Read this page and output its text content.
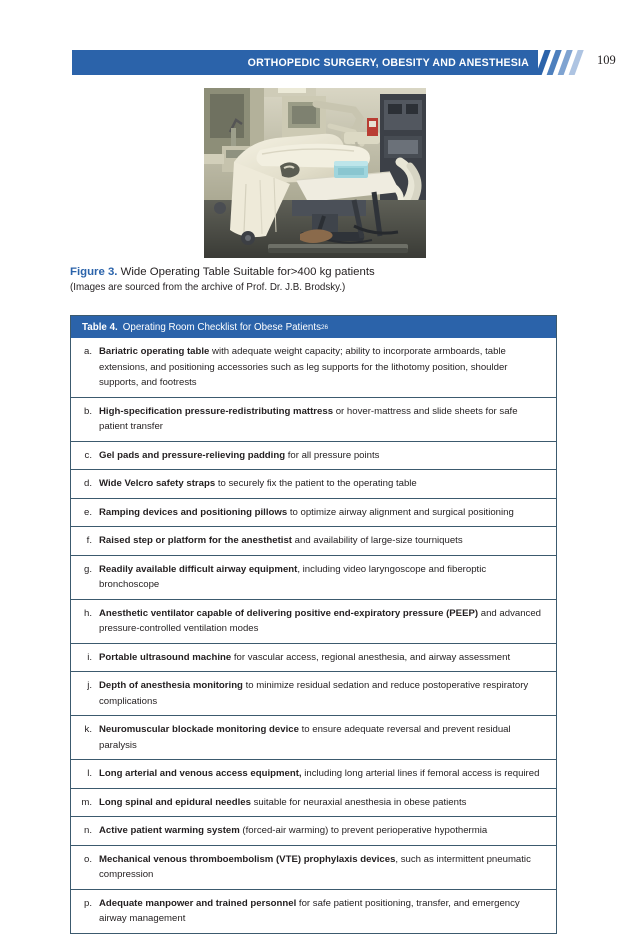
ORTHOPEDIC SURGERY, OBESITY AND ANESTHESIA	109
Figure 3. Wide Operating Table Suitable for>400 kg patients
(Images are sourced from the archive of Prof. Dr. J.B. Brodsky.)
Table 4. Operating Room Checklist for Obese Patients 26
a. Bariatric operating table with adequate weight capacity; ability to incorporate armboards, table extensions, and positioning accessories such as leg supports for the lithotomy position, shoulder supports, and footrests
b. High-specification pressure-redistributing mattress or hover-mattress and slide sheets for safe patient transfer
c. Gel pads and pressure-relieving padding for all pressure points
d. Wide Velcro safety straps to securely fix the patient to the operating table
e. Ramping devices and positioning pillows to optimize airway alignment and surgical positioning
f. Raised step or platform for the anesthetist and availability of large-size tourniquets
g. Readily available difficult airway equipment, including video laryngoscope and fiberoptic bronchoscope
h. Anesthetic ventilator capable of delivering positive end-expiratory pressure (PEEP) and advanced pressure-controlled ventilation modes
i. Portable ultrasound machine for vascular access, regional anesthesia, and airway assessment
j. Depth of anesthesia monitoring to minimize residual sedation and reduce postoperative respiratory complications
k. Neuromuscular blockade monitoring device to ensure adequate reversal and prevent residual paralysis
l. Long arterial and venous access equipment, including long arterial lines if femoral access is required
m. Long spinal and epidural needles suitable for neuraxial anesthesia in obese patients
n. Active patient warming system (forced-air warming) to prevent perioperative hypothermia
o. Mechanical venous thromboembolism (VTE) prophylaxis devices, such as intermittent pneumatic compression
p. Adequate manpower and trained personnel for safe patient positioning, transfer, and emergency airway management
